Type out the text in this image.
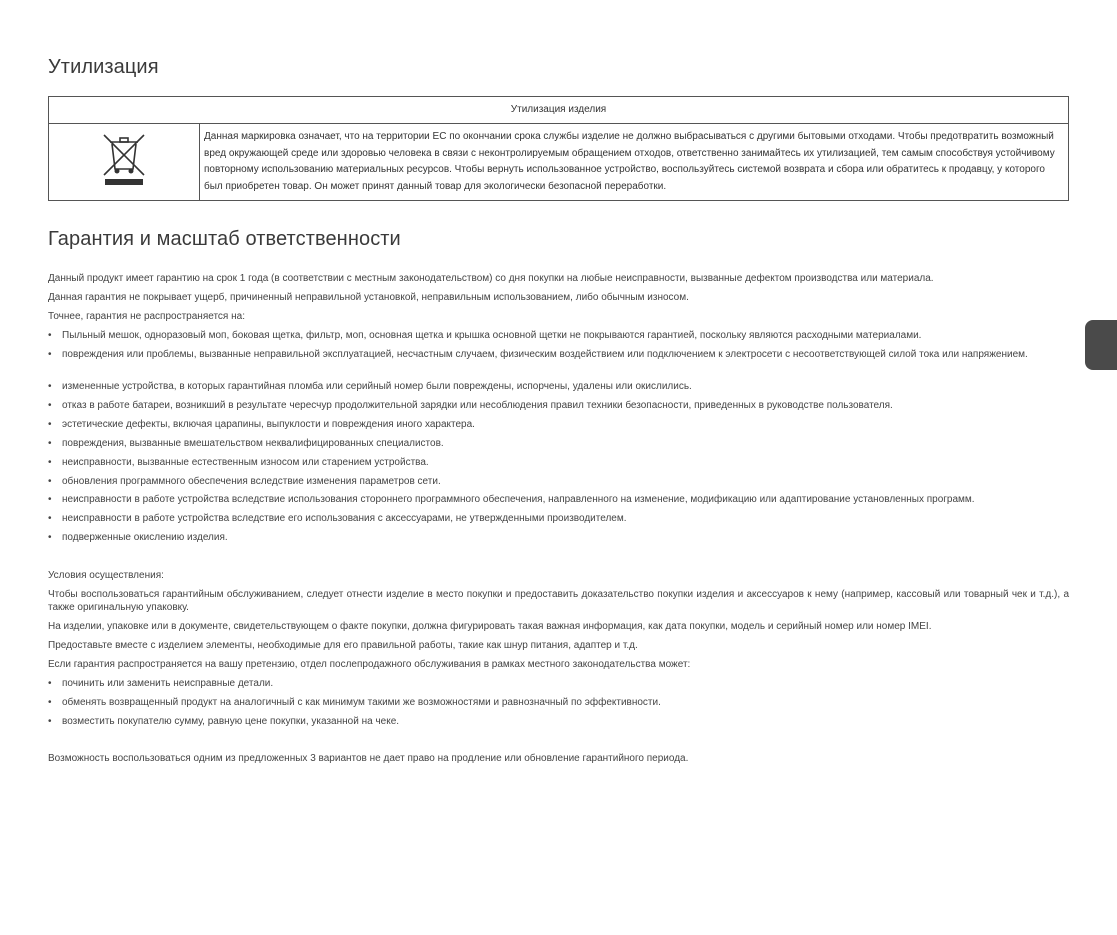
Утилизация
Утилизация изделия
	Данная маркировка означает, что на территории ЕС по окончании срока службы изделие не должно выбрасываться с другими бытовыми отходами. Чтобы предотвратить возможный вред окружающей среде или здоровью человека в связи с неконтролируемым обращением отходов, ответственно занимайтесь их утилизацией, тем самым способствуя устойчивому повторному использованию материальных ресурсов. Чтобы вернуть использованное устройство, воспользуйтесь системой возврата и сбора или обратитесь к продавцу, у которого был приобретен товар. Он может принят данный товар для экологически безопасной переработки.
Гарантия и масштаб ответственности

Данный продукт имеет гарантию на срок 1 года (в соответствии с местным законодательством) со дня покупки на любые неисправности, вызванные дефектом производства или материала.

Данная гарантия не покрывает ущерб, причиненный неправильной установкой, неправильным использованием, либо обычным износом.

Точнее, гарантия не распространяется на:

• Пыльный мешок, одноразовый моп, боковая щетка, фильтр, моп, основная щетка и крышка основной щетки не покрываются гарантией, поскольку являются расходными материалами.
• повреждения или проблемы, вызванные неправильной эксплуатацией, несчастным случаем, физическим воздействием или подключением к электросети с несоответствующей силой тока или напряжением.
• измененные устройства, в которых гарантийная пломба или серийный номер были повреждены, испорчены, удалены или окислились.
• отказ в работе батареи, возникший в результате чересчур продолжительной зарядки или несоблюдения правил техники безопасности, приведенных в руководстве пользователя.
• эстетические дефекты, включая царапины, выпуклости и повреждения иного характера.
• повреждения, вызванные вмешательством неквалифицированных специалистов.
• неисправности, вызванные естественным износом или старением устройства.
• обновления программного обеспечения вследствие изменения параметров сети.
• неисправности в работе устройства вследствие использования стороннего программного обеспечения, направленного на изменение, модификацию или адаптирование установленных программ.
• неисправности в работе устройства вследствие его использования с аксессуарами, не утвержденными производителем.
• подверженные окислению изделия.

Условия осуществления:

Чтобы воспользоваться гарантийным обслуживанием, следует отнести изделие в место покупки и предоставить доказательство покупки изделия и аксессуаров к нему (например, кассовый или товарный чек и т.д.), а также оригинальную упаковку.

На изделии, упаковке или в документе, свидетельствующем о факте покупки, должна фигурировать такая важная информация, как дата покупки, модель и серийный номер или номер IMEI.

Предоставьте вместе с изделием элементы, необходимые для его правильной работы, такие как шнур питания, адаптер и т.д.

Если гарантия распространяется на вашу претензию, отдел послепродажного обслуживания в рамках местного законодательства может:

• починить или заменить неисправные детали.
• обменять возвращенный продукт на аналогичный с как минимум такими же возможностями и равнозначный по эффективности.
• возместить покупателю сумму, равную цене покупки, указанной на чеке.

Возможность воспользоваться одним из предложенных 3 вариантов не дает право на продление или обновление гарантийного периода.
